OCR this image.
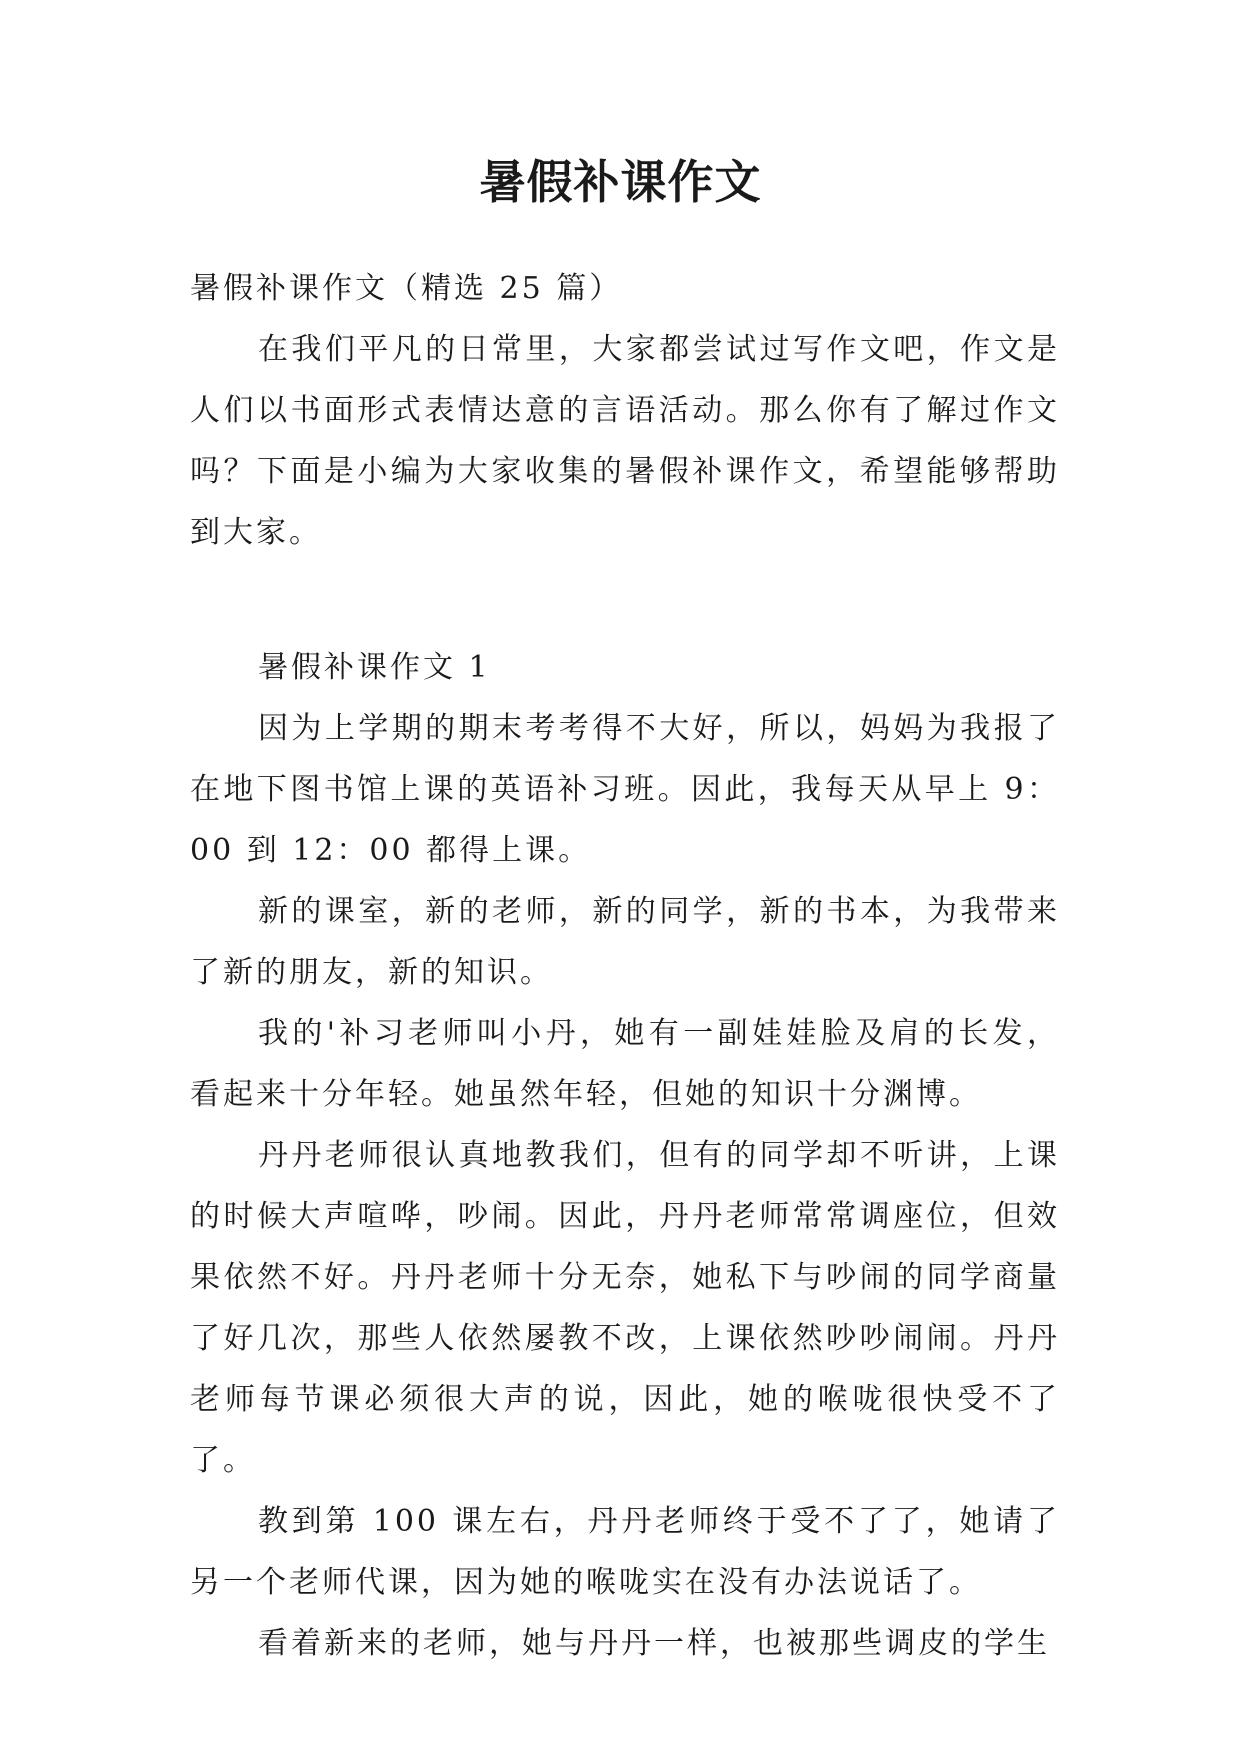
暑假补课作文
暑假补课作文（精选 25 篇）

在我们平凡的日常里，大家都尝试过写作文吧，作文是人们以书面形式表情达意的言语活动。那么你有了解过作文吗？下面是小编为大家收集的暑假补课作文，希望能够帮助到大家。

暑假补课作文 1

因为上学期的期末考考得不大好，所以，妈妈为我报了在地下图书馆上课的英语补习班。因此，我每天从早上 9：00 到 12：00 都得上课。

新的课室，新的老师，新的同学，新的书本，为我带来了新的朋友，新的知识。

我的'补习老师叫小丹，她有一副娃娃脸及肩的长发，看起来十分年轻。她虽然年轻，但她的知识十分渊博。

丹丹老师很认真地教我们，但有的同学却不听讲，上课的时候大声喧哗，吵闹。因此，丹丹老师常常调座位，但效果依然不好。丹丹老师十分无奈，她私下与吵闹的同学商量了好几次，那些人依然屡教不改，上课依然吵吵闹闹。丹丹老师每节课必须很大声的说，因此，她的喉咙很快受不了了。

教到第 100 课左右，丹丹老师终于受不了了，她请了另一个老师代课，因为她的喉咙实在没有办法说话了。

看着新来的老师，她与丹丹一样，也被那些调皮的学生
